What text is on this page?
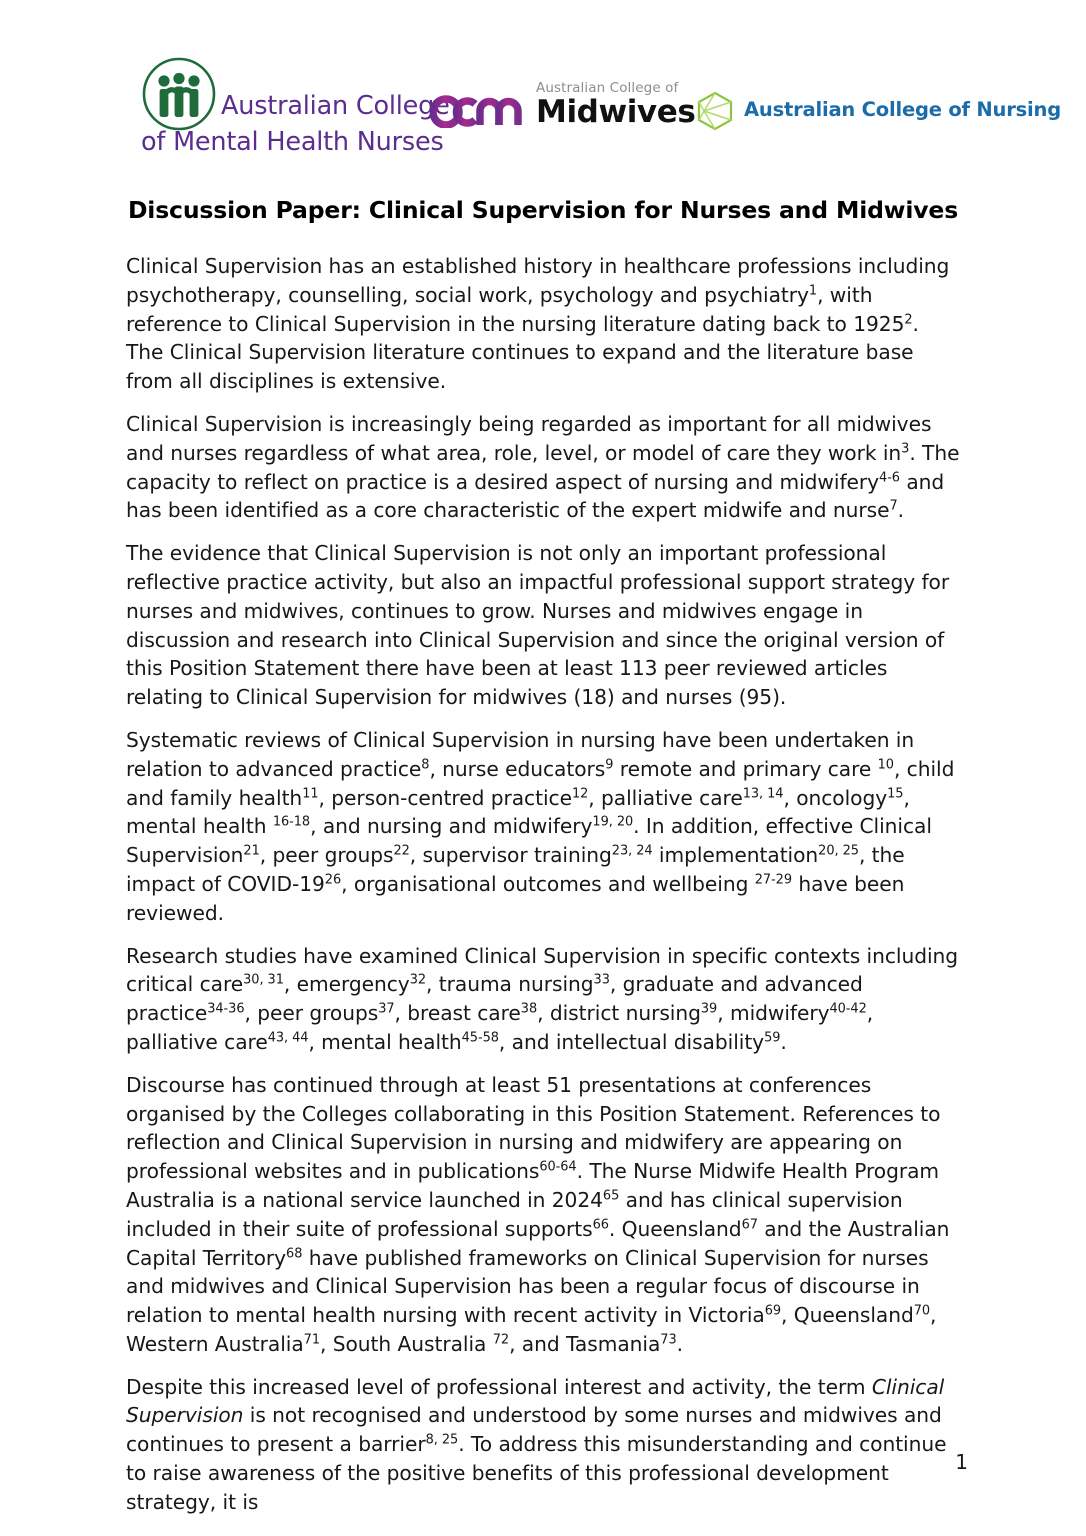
Australian College
of Mental Health Nurses
Australian College of
Midwives Australian College of Nursing
Discussion Paper: Clinical Supervision for Nurses and Midwives

Clinical Supervision has an established history in healthcare professions including psychotherapy, counselling, social work, psychology and psychiatry$^1$, with reference to Clinical Supervision in the nursing literature dating back to 1925$^2$. The Clinical Supervision literature continues to expand and the literature base from all disciplines is extensive.

Clinical Supervision is increasingly being regarded as important for all midwives and nurses regardless of what area, role, level, or model of care they work $in^3$. The capacity to reflect on practice is a desired aspect of nursing and midwifery$^{4-6}$ and has been identified as a core characteristic of the expert midwife and nurse$^7$.

The evidence that Clinical Supervision is not only an important professional reflective practice activity, but also an impactful professional support strategy for nurses and midwives, continues to grow. Nurses and midwives engage in discussion and research into Clinical Supervision and since the original version of this Position Statement there have been at least 113 peer reviewed articles relating to Clinical Supervision for midwives (18) and nurses (95).

Systematic reviews of Clinical Supervision in nursing have been undertaken in relation to advanced practice$^8$, nurse educators$^9$ remote and primary care $^{10}$, child and family health$^{11}$, person-centred practice$^{12}$, palliative care$^{13, 14}$, oncology$^{15}$, mental health $^{16-18}$, and nursing and midwifery$^{19, 20}$. In addition, effective Clinical Supervision$^{21}$, peer groups$^{22}$, supervisor training$^{23, 24}$ implementation$^{20, 25}$, the impact of COVID-$19^{26}$, organisational outcomes and wellbeing $^{27-29}$ have been reviewed.

Research studies have examined Clinical Supervision in specific contexts including critical care$^{30, 31}$, emergency$^{32}$, trauma nursing$^{33}$, graduate and advanced practice$^{34-36}$, peer groups$^{37}$, breast care$^{38}$, district nursing$^{39}$, midwifery$^{40-42}$, palliative care$^{43, 44}$, mental health$^{45-58}$, and intellectual disability$^{59}$.

Discourse has continued through at least 51 presentations at conferences organised by the Colleges collaborating in this Position Statement. References to reflection and Clinical Supervision in nursing and midwifery are appearing on professional websites and in publications$^{60-64}$. The Nurse Midwife Health Program Australia is a national service launched in 2024$^{65}$ and has clinical supervision included in their suite of professional supports$^{66}$. Queensland$^{67}$ and the Australian Capital Territory$^{68}$ have published frameworks on Clinical Supervision for nurses and midwives and Clinical Supervision has been a regular focus of discourse in relation to mental health nursing with recent activity in Victoria$^{69}$, Queensland$^{70}$, Western Australia$^{71}$, South Australia $^{72}$, and Tasmania$^{73}$.

Despite this increased level of professional interest and activity, the term Clinical Supervision is not recognised and understood by some nurses and midwives and continues to present a barrier$^{8, 25}$. To address this misunderstanding and continue to raise awareness of the positive benefits of this professional development strategy, it is

1
